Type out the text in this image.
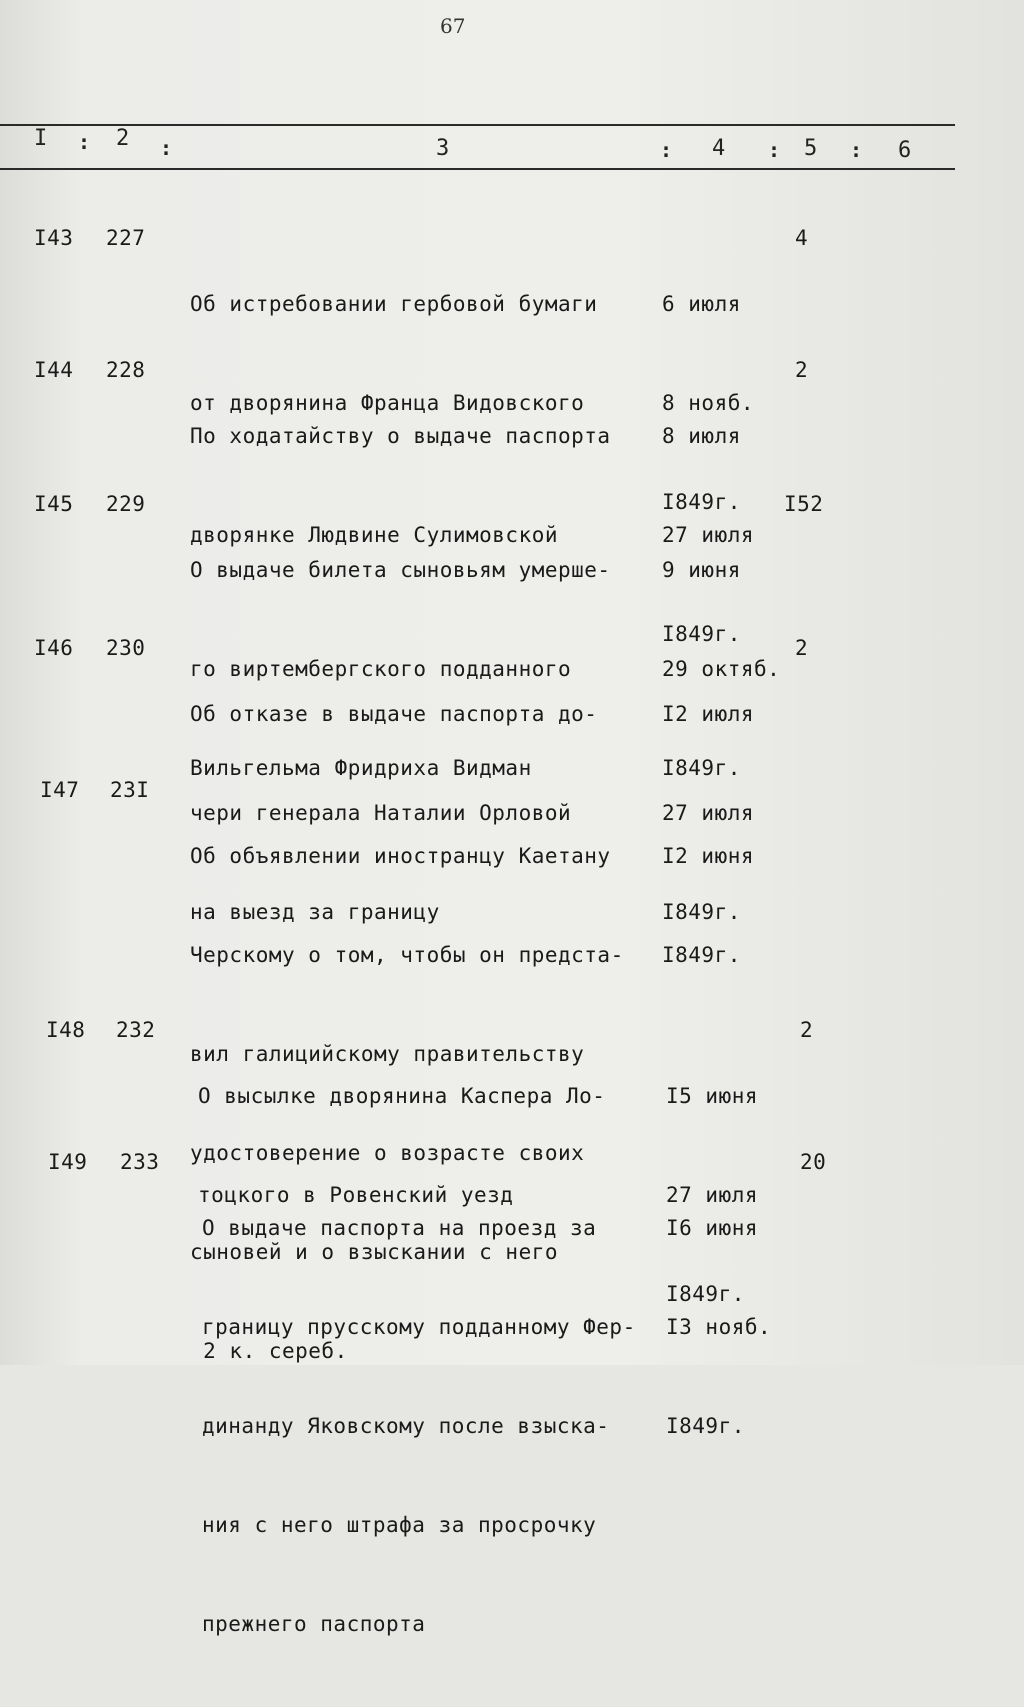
67
I : 2 :	3	: 4 : 5 : 6
I43 227

Об истребовании гербовой бумаги

от дворянина Франца Видовского

6 июля

8 нояб.

I849г.

4
I44 228

По ходатайству о выдаче паспорта

дворянке Людвине Сулимовской

8 июля

27 июля

I849г.

2
I45 229

О выдаче билета сыновьям умерше-

го виртембергского подданного

Вильгельма Фридриха Видман

9 июня

29 октяб.

I849г.

I52
I46 230

Об отказе в выдаче паспорта до-

чери генерала Наталии Орловой

на выезд за границу

I2 июля

27 июля

I849г.

2
I47 23I

Об объявлении иностранцу Каетану

Черскому о том, чтобы он предста-

вил галицийскому правительству

удостоверение о возрасте своих

сыновей и о взыскании с него

2 к. сереб.

I2 июня

I849г.

I48 232

О высылке дворянина Каспера Ло-

тоцкого в Ровенский уезд

I5 июня

27 июля

I849г.

2
I49 233

О выдаче паспорта на проезд за

границу прусскому подданному Фер-

динанду Яковскому после взыска-

ния с него штрафа за просрочку

прежнего паспорта

I6 июня

I3 нояб.

I849г.

20
